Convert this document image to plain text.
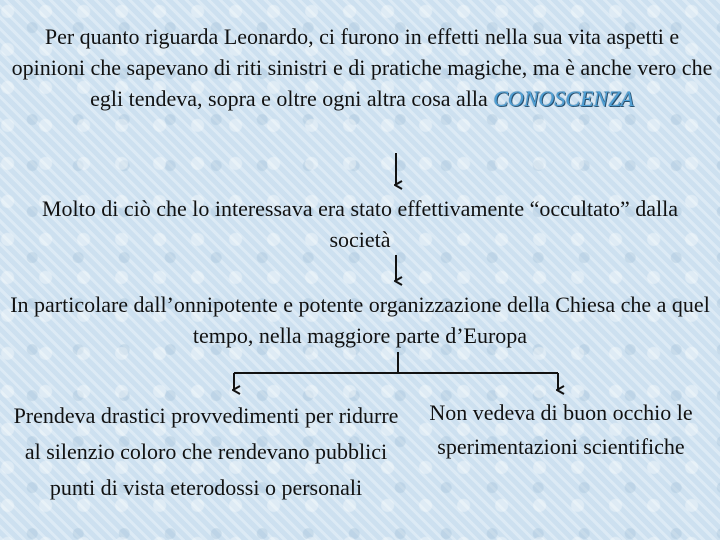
Per quanto riguarda Leonardo, ci furono in effetti nella sua vita aspetti e opinioni che sapevano di riti sinistri e di pratiche magiche, ma è anche vero che egli tendeva, sopra e oltre ogni altra cosa alla CONOSCENZA
Molto di ciò che lo interessava era stato effettivamente “occultato” dalla società
In particolare dall’onnipotente e potente organizzazione della Chiesa che a quel tempo, nella maggiore parte d’Europa
Prendeva drastici provvedimenti per ridurre al silenzio coloro che rendevano pubblici punti di vista eterodossi o personali
Non vedeva di buon occhio le sperimentazioni scientifiche
